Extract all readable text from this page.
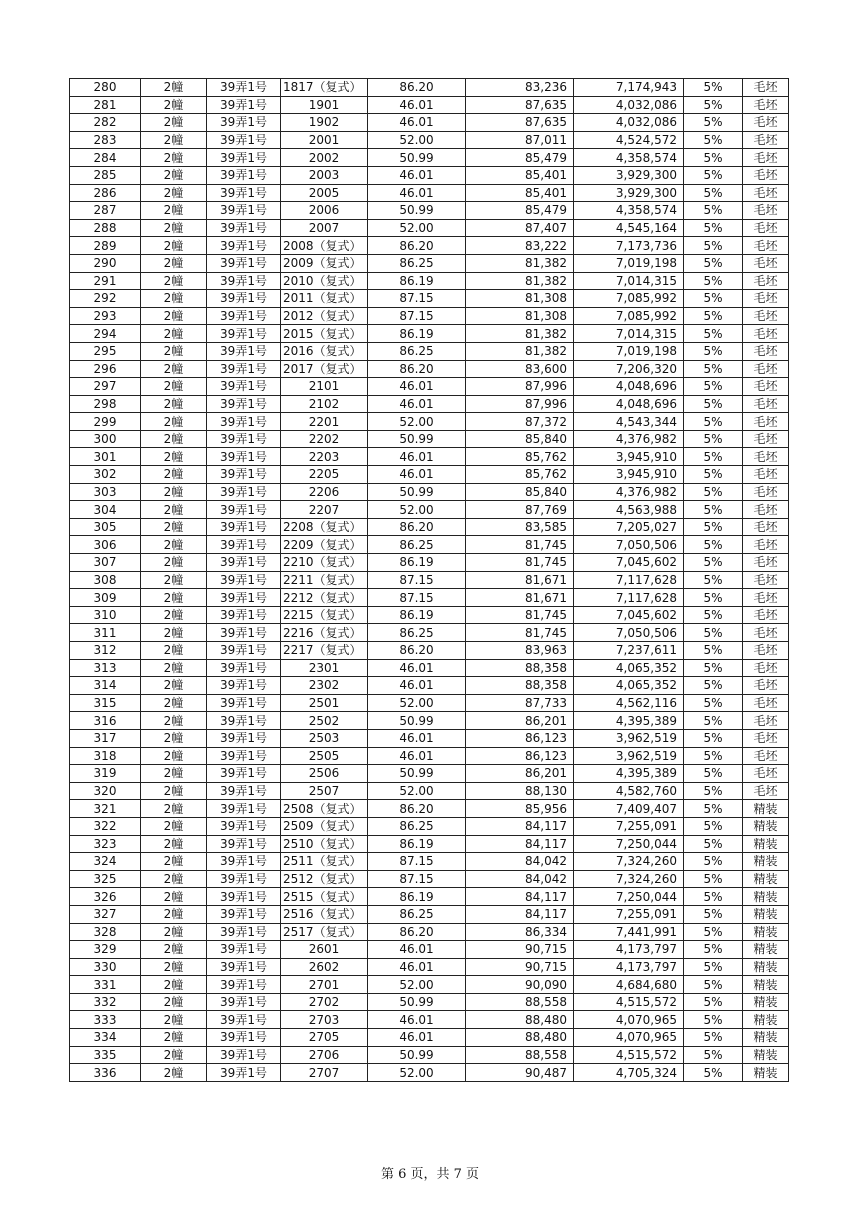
280	2幢	39弄1号	1817（复式）	86.20	83,236	7,174,943	5%	毛坯
281	2幢	39弄1号	1901	46.01	87,635	4,032,086	5%	毛坯
282	2幢	39弄1号	1902	46.01	87,635	4,032,086	5%	毛坯
283	2幢	39弄1号	2001	52.00	87,011	4,524,572	5%	毛坯
284	2幢	39弄1号	2002	50.99	85,479	4,358,574	5%	毛坯
285	2幢	39弄1号	2003	46.01	85,401	3,929,300	5%	毛坯
286	2幢	39弄1号	2005	46.01	85,401	3,929,300	5%	毛坯
287	2幢	39弄1号	2006	50.99	85,479	4,358,574	5%	毛坯
288	2幢	39弄1号	2007	52.00	87,407	4,545,164	5%	毛坯
289	2幢	39弄1号	2008（复式）	86.20	83,222	7,173,736	5%	毛坯
290	2幢	39弄1号	2009（复式）	86.25	81,382	7,019,198	5%	毛坯
291	2幢	39弄1号	2010（复式）	86.19	81,382	7,014,315	5%	毛坯
292	2幢	39弄1号	2011（复式）	87.15	81,308	7,085,992	5%	毛坯
293	2幢	39弄1号	2012（复式）	87.15	81,308	7,085,992	5%	毛坯
294	2幢	39弄1号	2015（复式）	86.19	81,382	7,014,315	5%	毛坯
295	2幢	39弄1号	2016（复式）	86.25	81,382	7,019,198	5%	毛坯
296	2幢	39弄1号	2017（复式）	86.20	83,600	7,206,320	5%	毛坯
297	2幢	39弄1号	2101	46.01	87,996	4,048,696	5%	毛坯
298	2幢	39弄1号	2102	46.01	87,996	4,048,696	5%	毛坯
299	2幢	39弄1号	2201	52.00	87,372	4,543,344	5%	毛坯
300	2幢	39弄1号	2202	50.99	85,840	4,376,982	5%	毛坯
301	2幢	39弄1号	2203	46.01	85,762	3,945,910	5%	毛坯
302	2幢	39弄1号	2205	46.01	85,762	3,945,910	5%	毛坯
303	2幢	39弄1号	2206	50.99	85,840	4,376,982	5%	毛坯
304	2幢	39弄1号	2207	52.00	87,769	4,563,988	5%	毛坯
305	2幢	39弄1号	2208（复式）	86.20	83,585	7,205,027	5%	毛坯
306	2幢	39弄1号	2209（复式）	86.25	81,745	7,050,506	5%	毛坯
307	2幢	39弄1号	2210（复式）	86.19	81,745	7,045,602	5%	毛坯
308	2幢	39弄1号	2211（复式）	87.15	81,671	7,117,628	5%	毛坯
309	2幢	39弄1号	2212（复式）	87.15	81,671	7,117,628	5%	毛坯
310	2幢	39弄1号	2215（复式）	86.19	81,745	7,045,602	5%	毛坯
311	2幢	39弄1号	2216（复式）	86.25	81,745	7,050,506	5%	毛坯
312	2幢	39弄1号	2217（复式）	86.20	83,963	7,237,611	5%	毛坯
313	2幢	39弄1号	2301	46.01	88,358	4,065,352	5%	毛坯
314	2幢	39弄1号	2302	46.01	88,358	4,065,352	5%	毛坯
315	2幢	39弄1号	2501	52.00	87,733	4,562,116	5%	毛坯
316	2幢	39弄1号	2502	50.99	86,201	4,395,389	5%	毛坯
317	2幢	39弄1号	2503	46.01	86,123	3,962,519	5%	毛坯
318	2幢	39弄1号	2505	46.01	86,123	3,962,519	5%	毛坯
319	2幢	39弄1号	2506	50.99	86,201	4,395,389	5%	毛坯
320	2幢	39弄1号	2507	52.00	88,130	4,582,760	5%	毛坯
321	2幢	39弄1号	2508（复式）	86.20	85,956	7,409,407	5%	精装
322	2幢	39弄1号	2509（复式）	86.25	84,117	7,255,091	5%	精装
323	2幢	39弄1号	2510（复式）	86.19	84,117	7,250,044	5%	精装
324	2幢	39弄1号	2511（复式）	87.15	84,042	7,324,260	5%	精装
325	2幢	39弄1号	2512（复式）	87.15	84,042	7,324,260	5%	精装
326	2幢	39弄1号	2515（复式）	86.19	84,117	7,250,044	5%	精装
327	2幢	39弄1号	2516（复式）	86.25	84,117	7,255,091	5%	精装
328	2幢	39弄1号	2517（复式）	86.20	86,334	7,441,991	5%	精装
329	2幢	39弄1号	2601	46.01	90,715	4,173,797	5%	精装
330	2幢	39弄1号	2602	46.01	90,715	4,173,797	5%	精装
331	2幢	39弄1号	2701	52.00	90,090	4,684,680	5%	精装
332	2幢	39弄1号	2702	50.99	88,558	4,515,572	5%	精装
333	2幢	39弄1号	2703	46.01	88,480	4,070,965	5%	精装
334	2幢	39弄1号	2705	46.01	88,480	4,070,965	5%	精装
335	2幢	39弄1号	2706	50.99	88,558	4,515,572	5%	精装
336	2幢	39弄1号	2707	52.00	90,487	4,705,324	5%	精装
第 6 页，共 7 页
